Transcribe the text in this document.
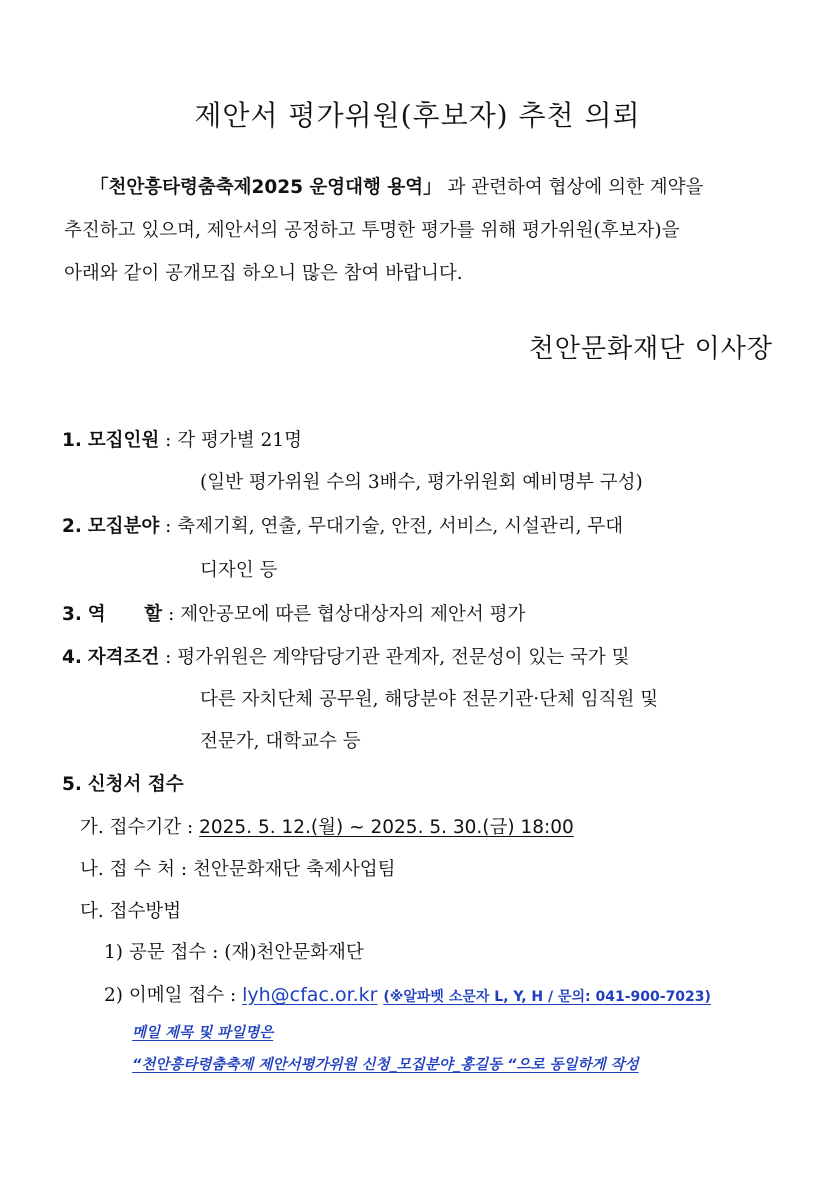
제안서 평가위원(후보자) 추천 의뢰
「천안흥타령춤축제2025 운영대행 용역」 과 관련하여 협상에 의한 계약을
추진하고 있으며, 제안서의 공정하고 투명한 평가를 위해 평가위원(후보자)을
아래와 같이 공개모집 하오니 많은 참여 바랍니다.
천안문화재단 이사장
1. 모집인원 : 각 평가별 21명
(일반 평가위원 수의 3배수, 평가위원회 예비명부 구성)
2. 모집분야 : 축제기획, 연출, 무대기술, 안전, 서비스, 시설관리, 무대
디자인 등
3. 역      할 : 제안공모에 따른 협상대상자의 제안서 평가
4. 자격조건 : 평가위원은 계약담당기관 관계자, 전문성이 있는 국가 및
다른 자치단체 공무원, 해당분야 전문기관·단체 임직원 및
전문가, 대학교수 등
5. 신청서 접수
가. 접수기간 : 2025. 5. 12.(월) ~ 2025. 5. 30.(금) 18:00
나. 접 수 처 : 천안문화재단 축제사업팀
다. 접수방법
1) 공문 접수 : (재)천안문화재단
2) 이메일 접수 : lyh@cfac.or.kr (※알파벳 소문자 L, Y, H / 문의: 041-900-7023)
메일 제목 및 파일명은
“천안흥타령춤축제 제안서평가위원 신청_모집분야_홍길동 “으로 동일하게 작성
